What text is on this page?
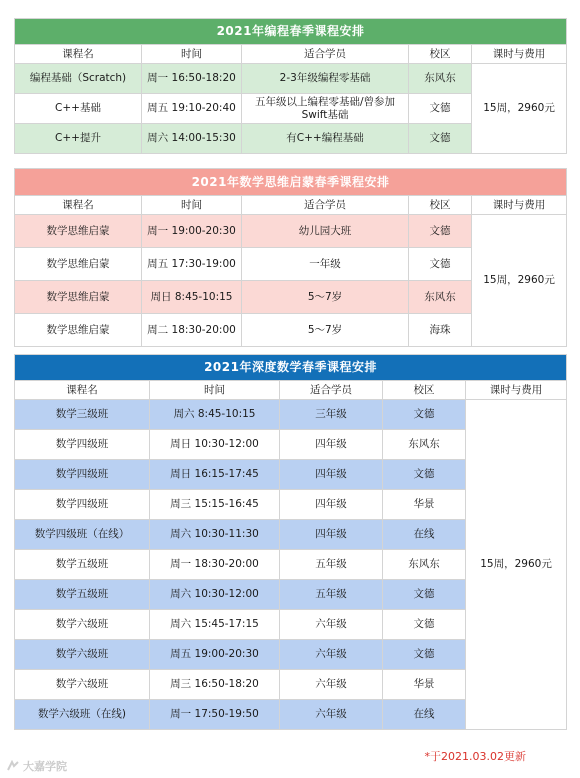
2021年编程春季课程安排				
课程名	时间	适合学员	校区	课时与费用
编程基础（Scratch)	周一 16:50-18:20	2-3年级编程零基础	东风东	15周，2960元
C++基础	周五 19:10-20:40	五年级以上编程零基础/曾参加Swift基础	文德	
C++提升	周六 14:00-15:30	有C++编程基础	文德	
2021年数学思维启蒙春季课程安排				
课程名	时间	适合学员	校区	课时与费用
数学思维启蒙	周一 19:00-20:30	幼儿园大班	文德	15周，2960元
数学思维启蒙	周五 17:30-19:00	一年级	文德	
数学思维启蒙	周日 8:45-10:15	5～7岁	东风东	
数学思维启蒙	周二 18:30-20:00	5～7岁	海珠	
2021年深度数学春季课程安排				
课程名	时间	适合学员	校区	课时与费用
数学三级班	周六 8:45-10:15	三年级	文德	15周，2960元
数学四级班	周日 10:30-12:00	四年级	东风东	
数学四级班	周日 16:15-17:45	四年级	文德	
数学四级班	周三 15:15-16:45	四年级	华景	
数学四级班（在线）	周六 10:30-11:30	四年级	在线	
数学五级班	周一 18:30-20:00	五年级	东风东	
数学五级班	周六 10:30-12:00	五年级	文德	
数学六级班	周六 15:45-17:15	六年级	文德	
数学六级班	周五 19:00-20:30	六年级	文德	
数学六级班	周三 16:50-18:20	六年级	华景	
数学六级班（在线)	周一 17:50-19:50	六年级	在线	
*于2021.03.02更新
大嘉学院
